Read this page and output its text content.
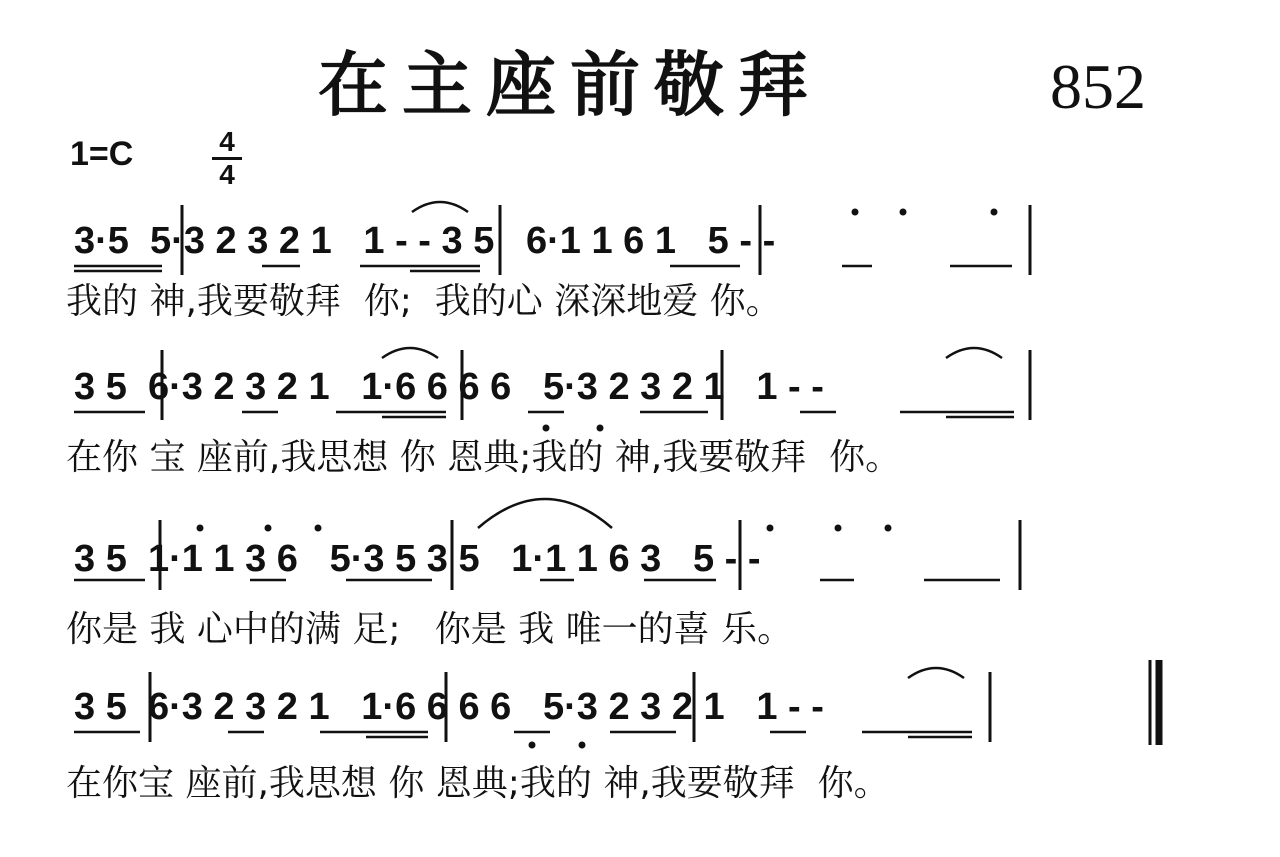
在主座前敬拜	852
1=C	4
4
3·5  5·3 2 3 2 1   1 - - 3 5   6·1 1 6 1   5 - -
我的 神,我要敬拜  你;  我的心 深深地爱 你。
3 5  6·3 2 3 2 1   1·6 6 6 6   5·3 2 3 2 1   1 - -
在你 宝 座前,我思想 你 恩典;我的 神,我要敬拜  你。
3 5  1·1 1 3 6   5·3 5 3 5   1·1 1 6 3   5 - -
你是 我 心中的满 足;   你是 我 唯一的喜 乐。
3 5  6·3 2 3 2 1   1·6 6 6 6   5·3 2 3 2 1   1 - -
在你宝 座前,我思想 你 恩典;我的 神,我要敬拜  你。
